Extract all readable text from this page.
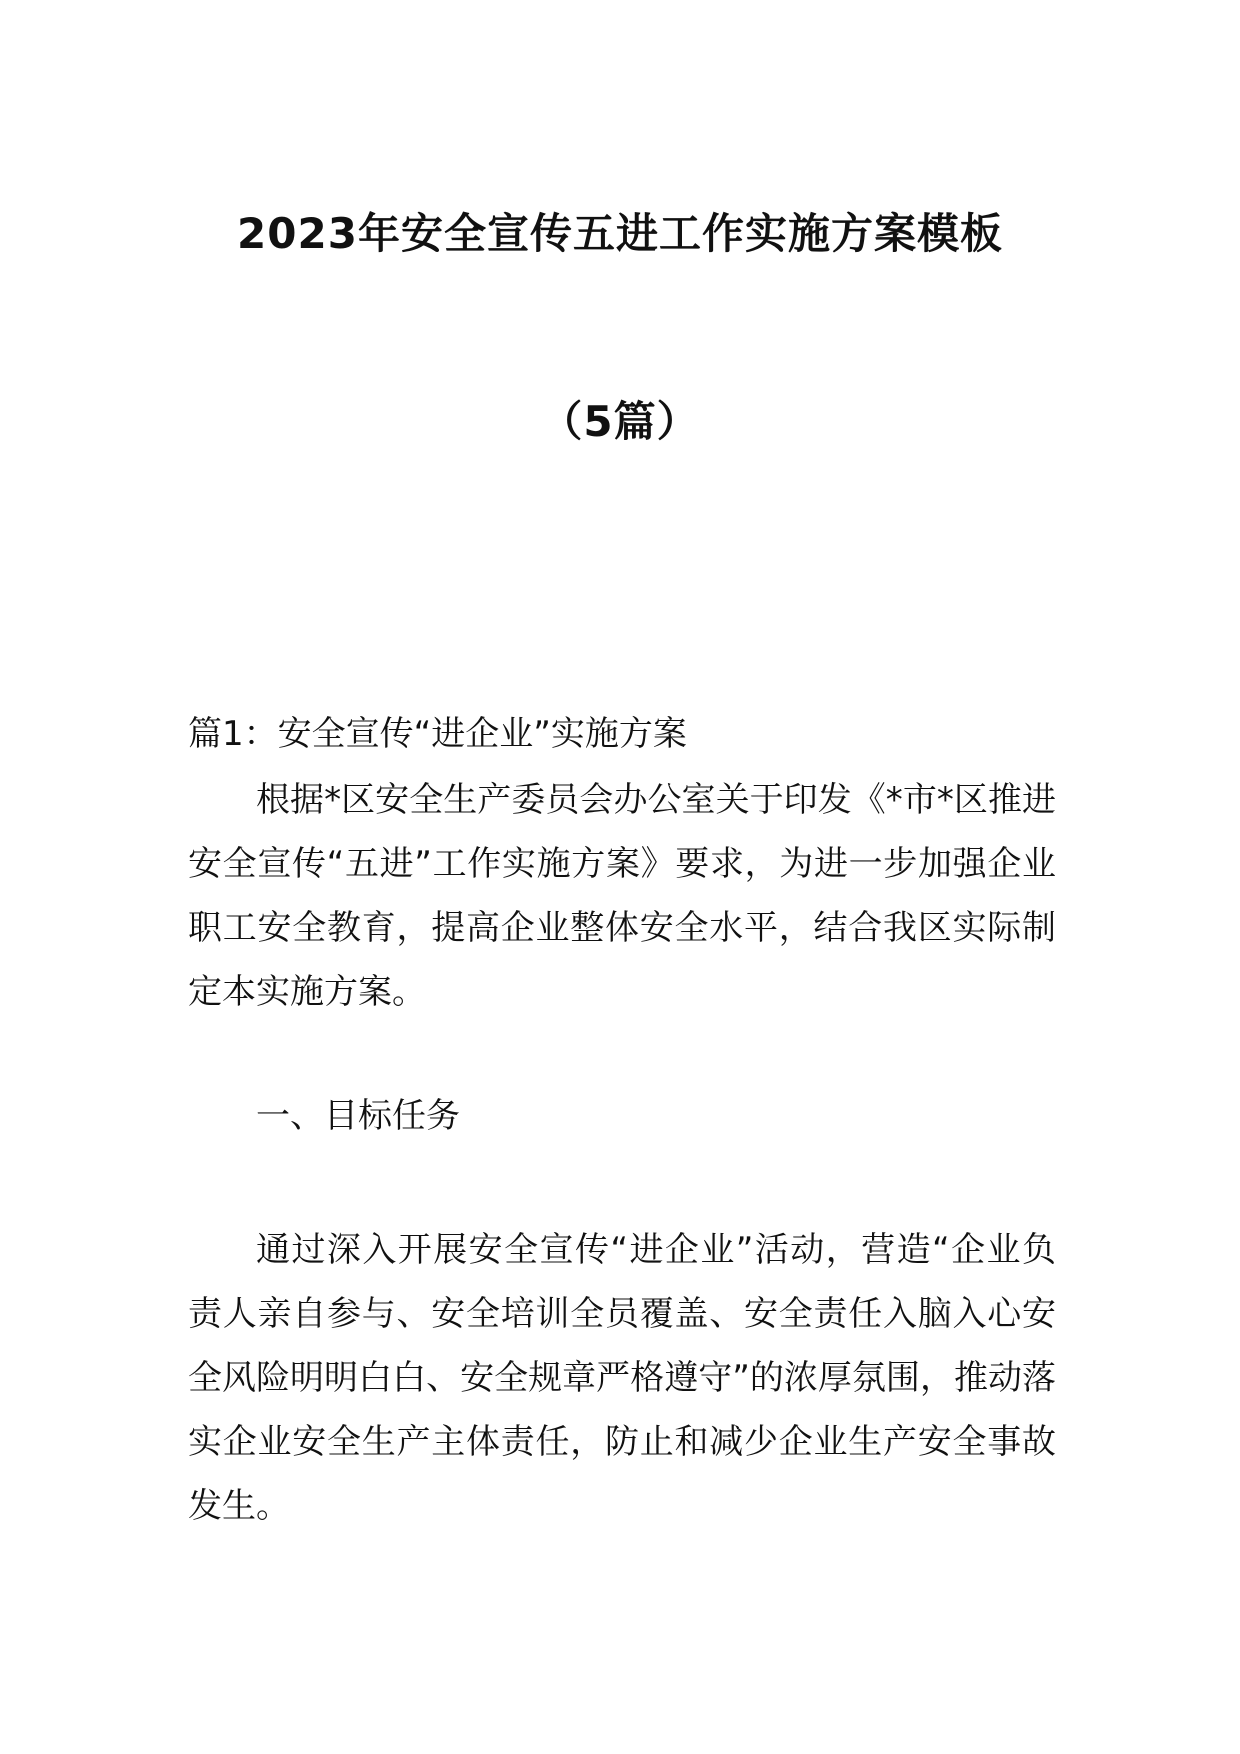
2023年安全宣传五进工作实施方案模板
（5篇）

篇1：安全宣传“进企业”实施方案

根据*区安全生产委员会办公室关于印发《*市*区推进安全宣传“五进”工作实施方案》要求，为进一步加强企业职工安全教育，提高企业整体安全水平，结合我区实际制定本实施方案。

一、目标任务

通过深入开展安全宣传“进企业”活动，营造“企业负责人亲自参与、安全培训全员覆盖、安全责任入脑入心安全风险明明白白、安全规章严格遵守”的浓厚氛围，推动落实企业安全生产主体责任，防止和减少企业生产安全事故发生。
